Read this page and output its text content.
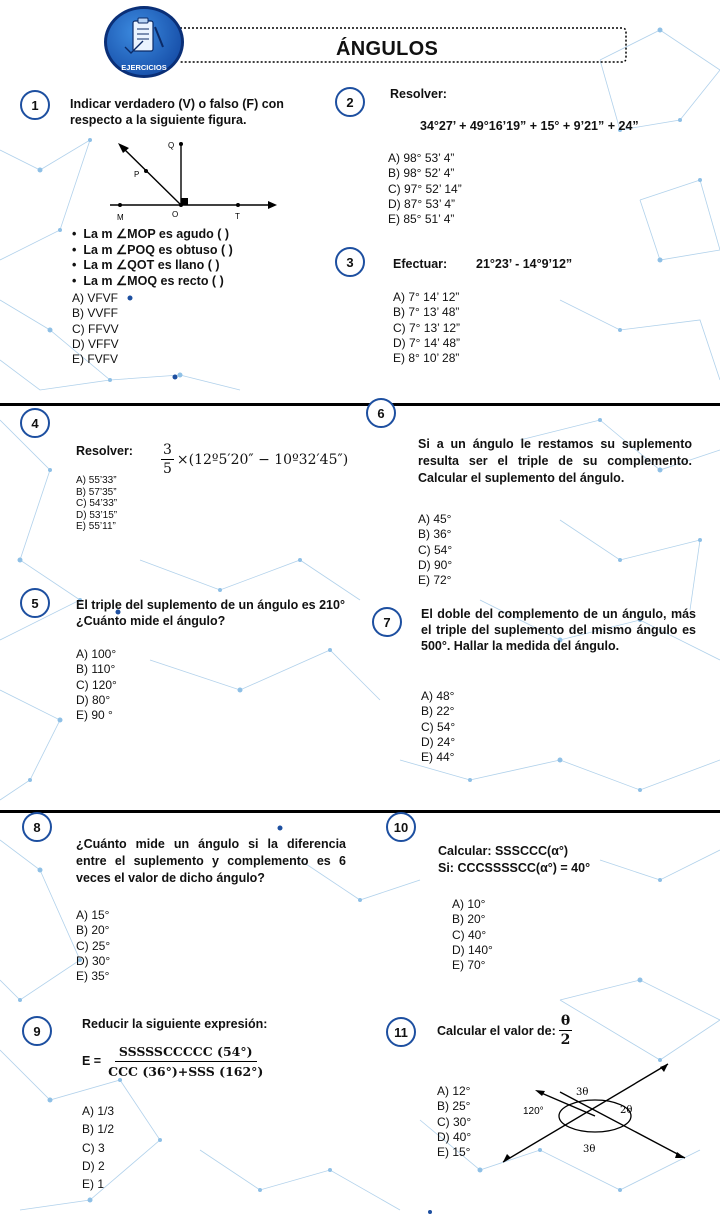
ÁNGULOS
EJERCICIOS
1	Indicar verdadero (V) o falso (F) con respecto a la siguiente figura.
Q
P
M	O	T
•  La m ∠MOP es agudo ( )
•  La m ∠POQ es obtuso ( )
•  La m ∠QOT es llano ( )
•  La m ∠MOQ es recto ( )
A) VFVF
B) VVFF
C) FFVV
D) VFFV
E) FVFV
2
Resolver:
34°27’ + 49°16’19” + 15° + 9’21” + 24”
A) 98° 53’ 4”
B) 98° 52’ 4”
C) 97° 52’ 14”
D) 87° 53’ 4”
E) 85° 51’ 4”
3	Efectuar: 21°23’ - 14°9’12”
A) 7° 14’ 12”
B) 7° 13’ 48”
C) 7° 13’ 12”
D) 7° 14’ 48”
E) 8° 10’ 28”
4
Resolver: $\frac{3}{5}$ ×(12º5′20″ − 10º32′45″)
A) 55’33”
B) 57’35”
C) 54’33”
D) 53’15”
E) 55’11”
5	El triple del suplemento de un ángulo es 210° ¿Cuánto mide el ángulo?
A) 100°
B) 110°
C) 120°
D) 80°
E) 90 °
6
Si a un ángulo le restamos su suplemento resulta ser el triple de su complemento. Calcular el suplemento del ángulo.
A) 45°
B) 36°
C) 54°
D) 90°
E) 72°
7
El doble del complemento de un ángulo, más el triple del suplemento del mismo ángulo es 500°. Hallar la medida del ángulo.
A) 48°
B) 22°
C) 54°
D) 24°
E) 44°
8
¿Cuánto mide un ángulo si la diferencia entre el suplemento y complemento es 6 veces el valor de dicho ángulo?
A) 15°
B) 20°
C) 25°
D) 30°
E) 35°
10
Calcular: SSSCCC(α°)
Si: CCCSSSSCC(α°) = 40°
A) 10°
B) 20°
C) 40°
D) 140°
E) 70°
9	Reducir la siguiente expresión:
$E = \frac{\text{SSSSSCCCCC (54°)}}{\text{CCC (36°)+SSS (162°)}}$
A) 1/3
B) 1/2
C) 3
D) 2
E) 1
11 Calcular el valor de: $\frac{\theta}{2}$
A) 12°
B) 25°
C) 30°
D) 40°
E) 15°
3θ
120°	2θ
3θ
